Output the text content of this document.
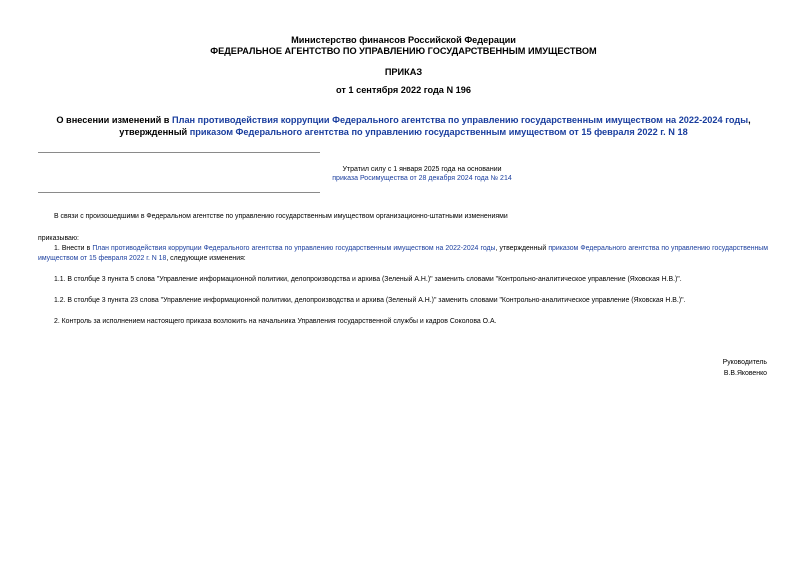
Министерство финансов Российской Федерации
ФЕДЕРАЛЬНОЕ АГЕНТСТВО ПО УПРАВЛЕНИЮ ГОСУДАРСТВЕННЫМ ИМУЩЕСТВОМ
ПРИКАЗ
от 1 сентября 2022 года N 196
О внесении изменений в План противодействия коррупции Федерального агентства по управлению государственным имуществом на 2022-2024 годы,
утвержденный приказом Федерального агентства по управлению государственным имуществом от 15 февраля 2022 г. N 18
Утратил силу с 1 января 2025 года на основании
приказа Росимущества от 28 декабря 2024 года № 214
В связи с произошедшими в Федеральном агентстве по управлению государственным имуществом организационно-штатными изменениями
приказываю:
1. Внести в План противодействия коррупции Федерального агентства по управлению государственным имуществом на 2022-2024 годы, утвержденный приказом Федерального агентства по управлению государственным имуществом от 15 февраля 2022 г. N 18, следующие изменения:
1.1. В столбце 3 пункта 5 слова "Управление информационной политики, делопроизводства и архива (Зеленый А.Н.)" заменить словами "Контрольно-аналитическое управление (Яховская Н.В.)".
1.2. В столбце 3 пункта 23 слова "Управление информационной политики, делопроизводства и архива (Зеленый А.Н.)" заменить словами "Контрольно-аналитическое управление (Яховская Н.В.)".
2. Контроль за исполнением настоящего приказа возложить на начальника Управления государственной службы и кадров Соколова О.А.
Руководитель
В.В.Яковенко
